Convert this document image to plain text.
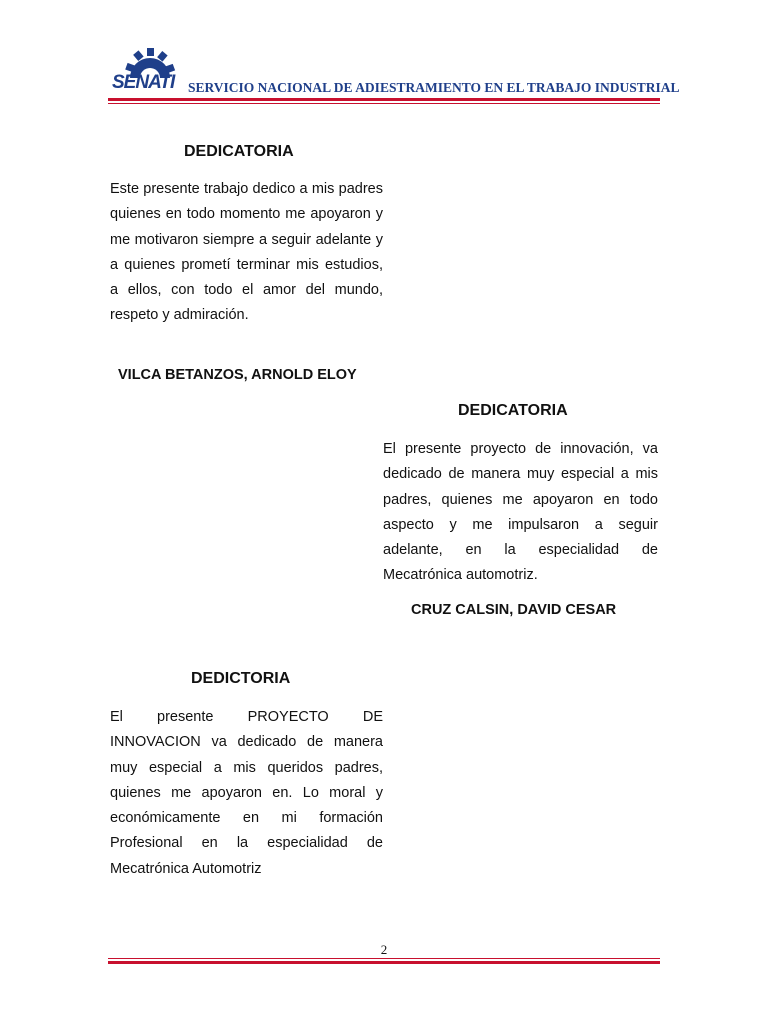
SENATI SERVICIO NACIONAL DE ADIESTRAMIENTO EN EL TRABAJO INDUSTRIAL
DEDICATORIA
Este presente trabajo dedico a mis padres quienes en todo momento me apoyaron y me motivaron siempre a seguir adelante y a quienes prometí terminar mis estudios, a ellos, con todo el amor del mundo, respeto y admiración.
VILCA BETANZOS, ARNOLD ELOY
DEDICATORIA
El presente proyecto de innovación, va dedicado de manera muy especial a mis padres, quienes me apoyaron en todo aspecto y me impulsaron a seguir adelante, en la especialidad de Mecatrónica automotriz.
CRUZ CALSIN, DAVID CESAR
DEDICTORIA
El presente PROYECTO DE INNOVACION va dedicado de manera muy especial a mis queridos padres, quienes me apoyaron en. Lo moral y económicamente en mi formación Profesional en la especialidad de Mecatrónica Automotriz
2
